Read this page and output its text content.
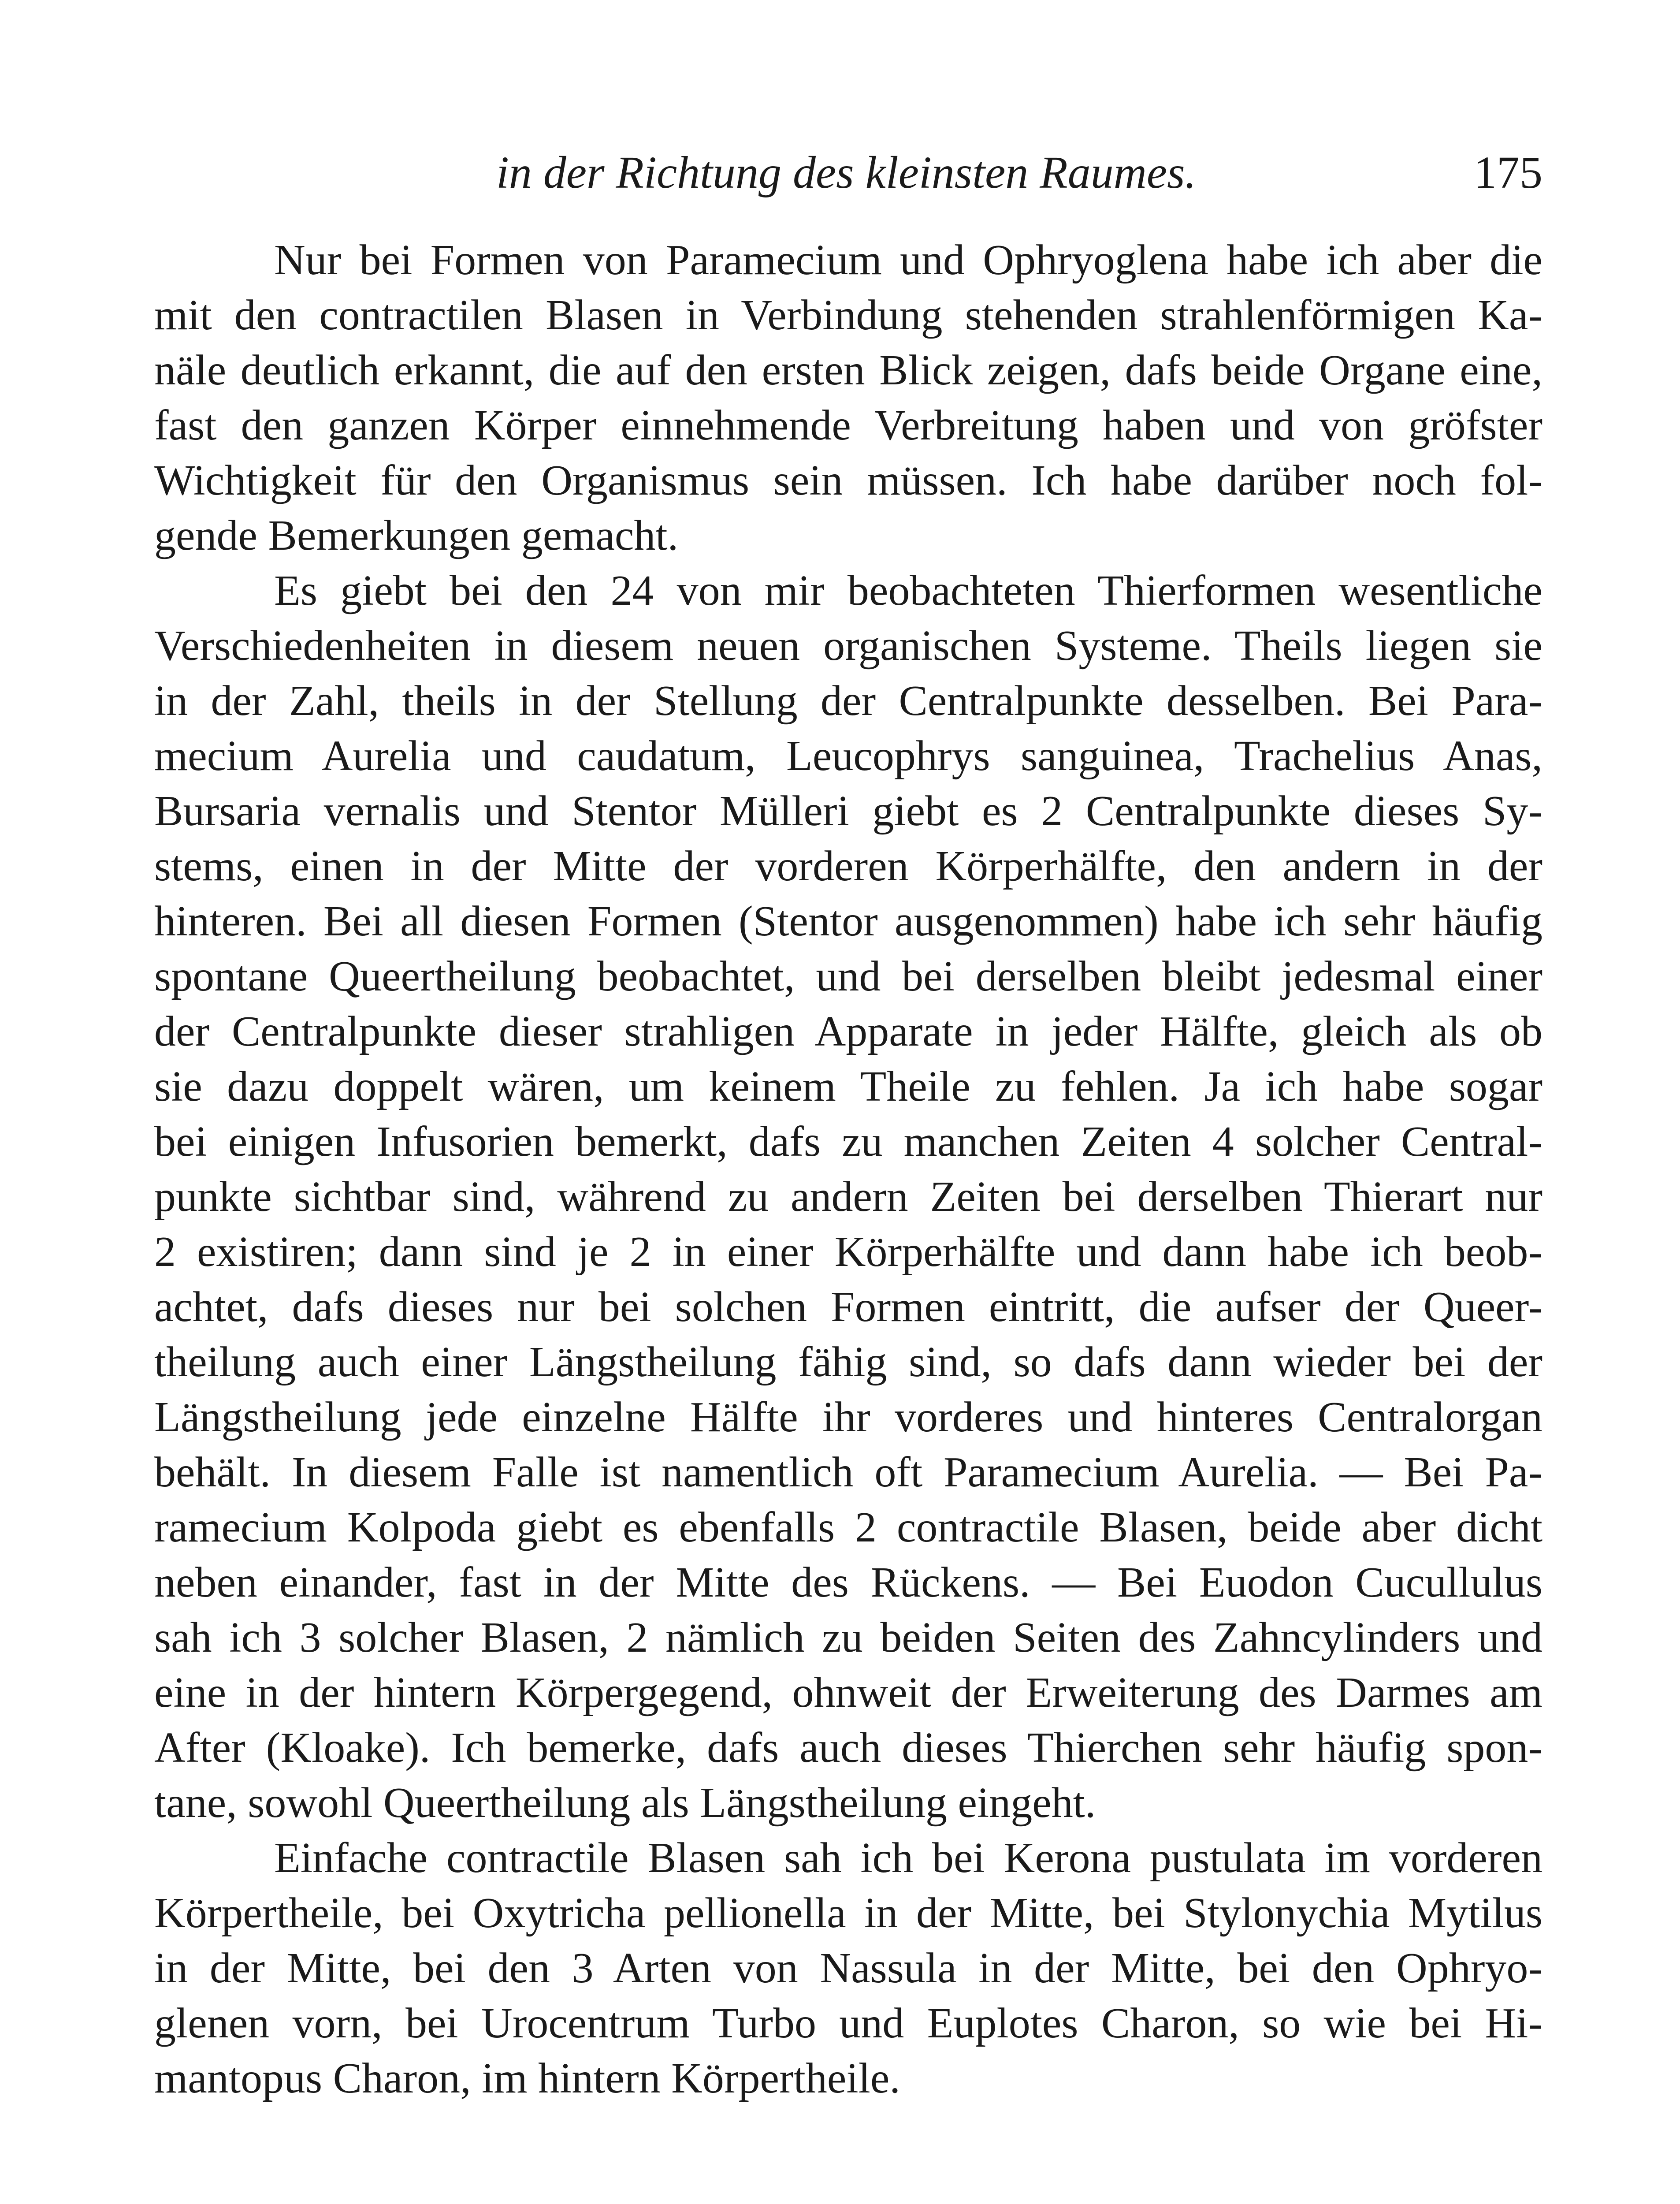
in der Richtung des kleinsten Raumes.	175
Nur bei Formen von Paramecium und Ophryoglena habe ich aber die
mit den contractilen Blasen in Verbindung stehenden strahlenförmigen Ka-
näle deutlich erkannt, die auf den ersten Blick zeigen, dafs beide Organe eine,
fast den ganzen Körper einnehmende Verbreitung haben und von gröfster
Wichtigkeit für den Organismus sein müssen. Ich habe darüber noch fol-
gende Bemerkungen gemacht.
Es giebt bei den 24 von mir beobachteten Thierformen wesentliche
Verschiedenheiten in diesem neuen organischen Systeme. Theils liegen sie
in der Zahl, theils in der Stellung der Centralpunkte desselben. Bei Para-
mecium Aurelia und caudatum, Leucophrys sanguinea, Trachelius Anas,
Bursaria vernalis und Stentor Mülleri giebt es 2 Centralpunkte dieses Sy-
stems, einen in der Mitte der vorderen Körperhälfte, den andern in der
hinteren. Bei all diesen Formen (Stentor ausgenommen) habe ich sehr häufig
spontane Queertheilung beobachtet, und bei derselben bleibt jedesmal einer
der Centralpunkte dieser strahligen Apparate in jeder Hälfte, gleich als ob
sie dazu doppelt wären, um keinem Theile zu fehlen. Ja ich habe sogar
bei einigen Infusorien bemerkt, dafs zu manchen Zeiten 4 solcher Central-
punkte sichtbar sind, während zu andern Zeiten bei derselben Thierart nur
2 existiren; dann sind je 2 in einer Körperhälfte und dann habe ich beob-
achtet, dafs dieses nur bei solchen Formen eintritt, die aufser der Queer-
theilung auch einer Längstheilung fähig sind, so dafs dann wieder bei der
Längstheilung jede einzelne Hälfte ihr vorderes und hinteres Centralorgan
behält. In diesem Falle ist namentlich oft Paramecium Aurelia. — Bei Pa-
ramecium Kolpoda giebt es ebenfalls 2 contractile Blasen, beide aber dicht
neben einander, fast in der Mitte des Rückens. — Bei Euodon Cucullulus
sah ich 3 solcher Blasen, 2 nämlich zu beiden Seiten des Zahncylinders und
eine in der hintern Körpergegend, ohnweit der Erweiterung des Darmes am
After (Kloake). Ich bemerke, dafs auch dieses Thierchen sehr häufig spon-
tane, sowohl Queertheilung als Längstheilung eingeht.
Einfache contractile Blasen sah ich bei Kerona pustulata im vorderen
Körpertheile, bei Oxytricha pellionella in der Mitte, bei Stylonychia Mytilus
in der Mitte, bei den 3 Arten von Nassula in der Mitte, bei den Ophryo-
glenen vorn, bei Urocentrum Turbo und Euplotes Charon, so wie bei Hi-
mantopus Charon, im hintern Körpertheile.
